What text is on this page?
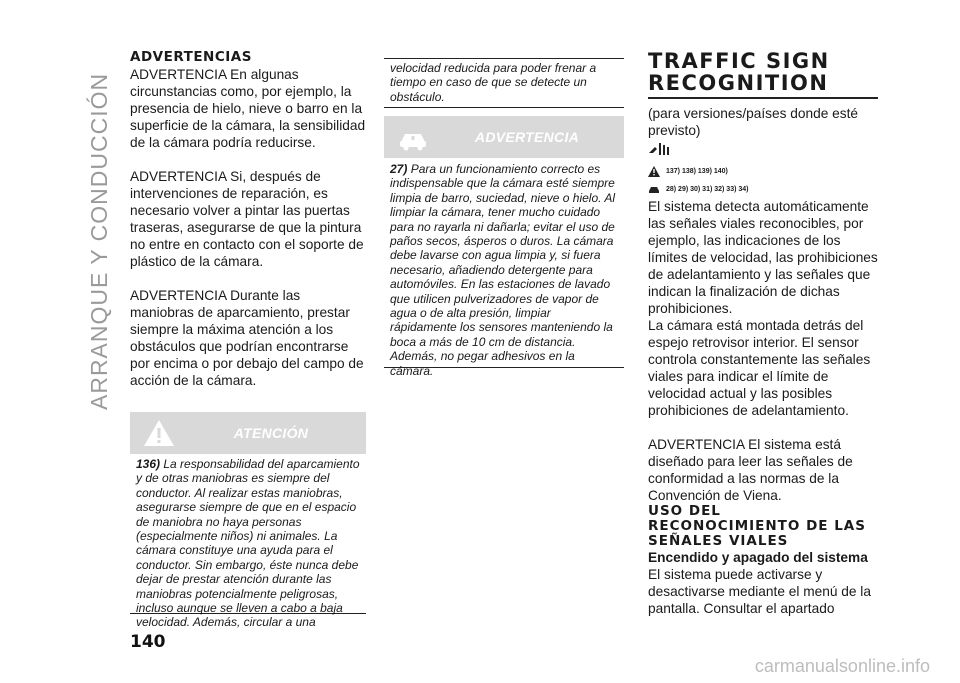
ARRANQUE Y CONDUCCIÓN
ADVERTENCIAS

ADVERTENCIA En algunas circunstancias como, por ejemplo, la presencia de hielo, nieve o barro en la superficie de la cámara, la sensibilidad de la cámara podría reducirse.

ADVERTENCIA Si, después de intervenciones de reparación, es necesario volver a pintar las puertas traseras, asegurarse de que la pintura no entre en contacto con el soporte de plástico de la cámara.

ADVERTENCIA Durante las maniobras de aparcamiento, prestar siempre la máxima atención a los obstáculos que podrían encontrarse por encima o por debajo del campo de acción de la cámara.

ATENCIÓN

136) La responsabilidad del aparcamiento y de otras maniobras es siempre del conductor. Al realizar estas maniobras, asegurarse siempre de que en el espacio de maniobra no haya personas (especialmente niños) ni animales. La cámara constituye una ayuda para el conductor. Sin embargo, éste nunca debe dejar de prestar atención durante las maniobras potencialmente peligrosas, incluso aunque se lleven a cabo a baja velocidad. Además, circular a una

velocidad reducida para poder frenar a tiempo en caso de que se detecte un obstáculo.

ADVERTENCIA

27) Para un funcionamiento correcto es indispensable que la cámara esté siempre limpia de barro, suciedad, nieve o hielo. Al limpiar la cámara, tener mucho cuidado para no rayarla ni dañarla; evitar el uso de paños secos, ásperos o duros. La cámara debe lavarse con agua limpia y, si fuera necesario, añadiendo detergente para automóviles. En las estaciones de lavado que utilicen pulverizadores de vapor de agua o de alta presión, limpiar rápidamente los sensores manteniendo la boca a más de 10 cm de distancia. Además, no pegar adhesivos en la cámara.

TRAFFIC SIGN

RECOGNITION

(para versiones/países donde esté previsto)

137) 138) 139) 140)
28) 29) 30) 31) 32) 33) 34)

El sistema detecta automáticamente las señales viales reconocibles, por ejemplo, las indicaciones de los límites de velocidad, las prohibiciones de adelantamiento y las señales que indican la finalización de dichas prohibiciones.

La cámara está montada detrás del espejo retrovisor interior. El sensor controla constantemente las señales viales para indicar el límite de velocidad actual y las posibles prohibiciones de adelantamiento.

ADVERTENCIA El sistema está diseñado para leer las señales de conformidad a las normas de la Convención de Viena.

USO DEL RECONOCIMIENTO DE LAS SEÑALES VIALES

Encendido y apagado del sistema

El sistema puede activarse y desactivarse mediante el menú de la pantalla. Consultar el apartado

140
carmanualsonline.info
